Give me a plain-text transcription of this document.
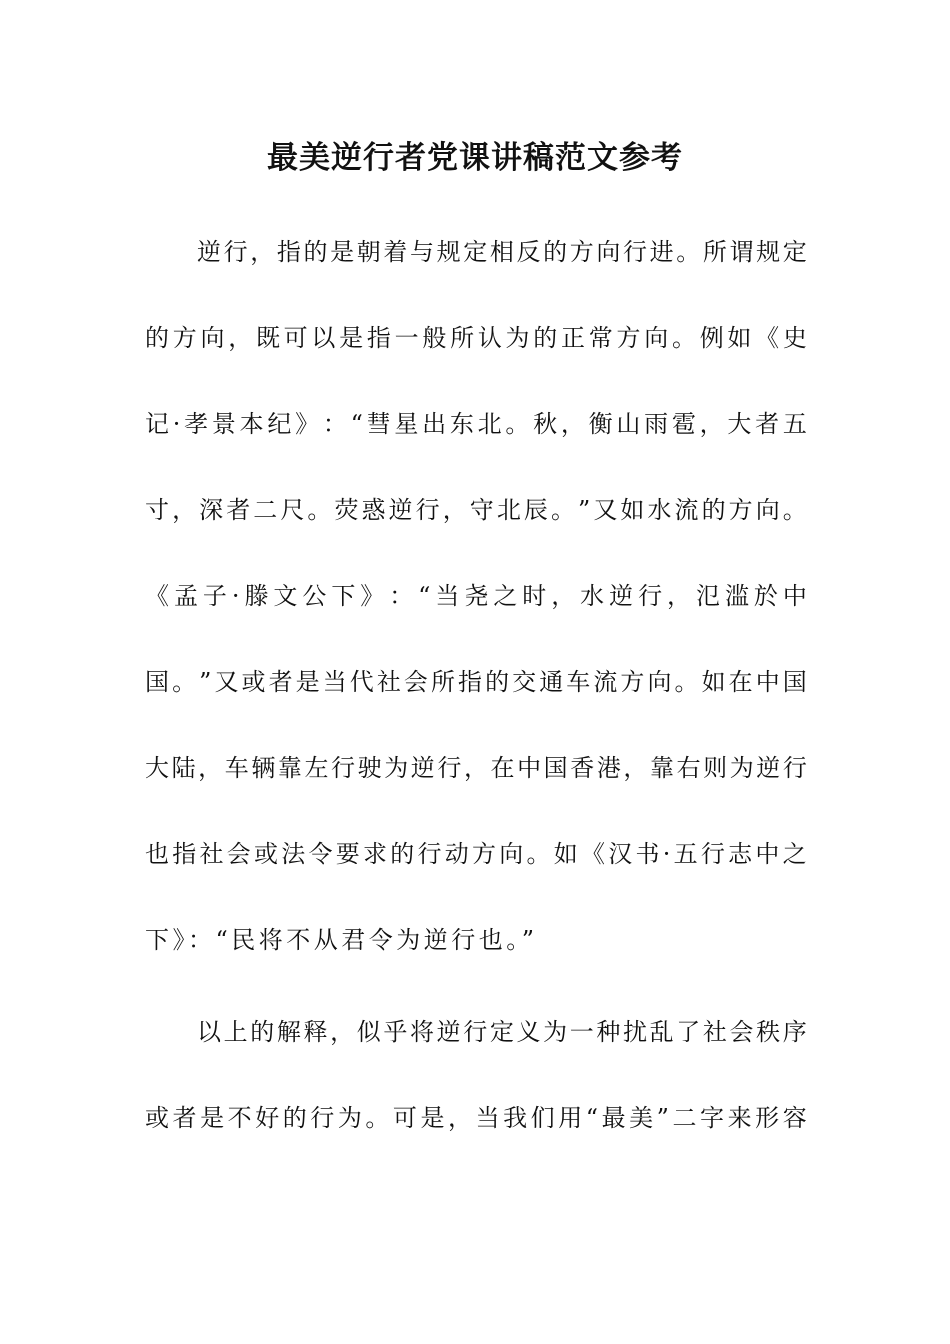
最美逆行者党课讲稿范文参考
逆 行 ， 指 的 是 朝 着 与 规 定 相 反 的 方 向 行 进 。 所 谓 规 定
的 方 向 ， 既 可 以 是 指 一 般 所 认 为 的 正 常 方 向 。 例 如 《 史
记 · 孝 景 本 纪 》 ： “ 彗 星 出 东 北 。 秋 ， 衡 山 雨 雹 ， 大 者 五
寸 ， 深 者 二 尺 。 荧 惑 逆 行 ， 守 北 辰 。 ” 又 如 水 流 的 方 向 。
《 孟 子 · 滕 文 公 下 》 ： “ 当 尧 之 时 ， 水 逆 行 ， 氾 滥 於 中
国 。 ” 又 或 者 是 当 代 社 会 所 指 的 交 通 车 流 方 向 。 如 在 中 国
大 陆 ， 车 辆 靠 左 行 驶 为 逆 行 ， 在 中 国 香 港 ， 靠 右 则 为 逆 行
也 指 社 会 或 法 令 要 求 的 行 动 方 向 。 如 《 汉 书 · 五 行 志 中 之
下》：“民将不从君令为逆行也。”
以 上 的 解 释 ， 似 乎 将 逆 行 定 义 为 一 种 扰 乱 了 社 会 秩 序
或 者 是 不 好 的 行 为 。 可 是 ， 当 我 们 用 “ 最 美 ” 二 字 来 形 容
